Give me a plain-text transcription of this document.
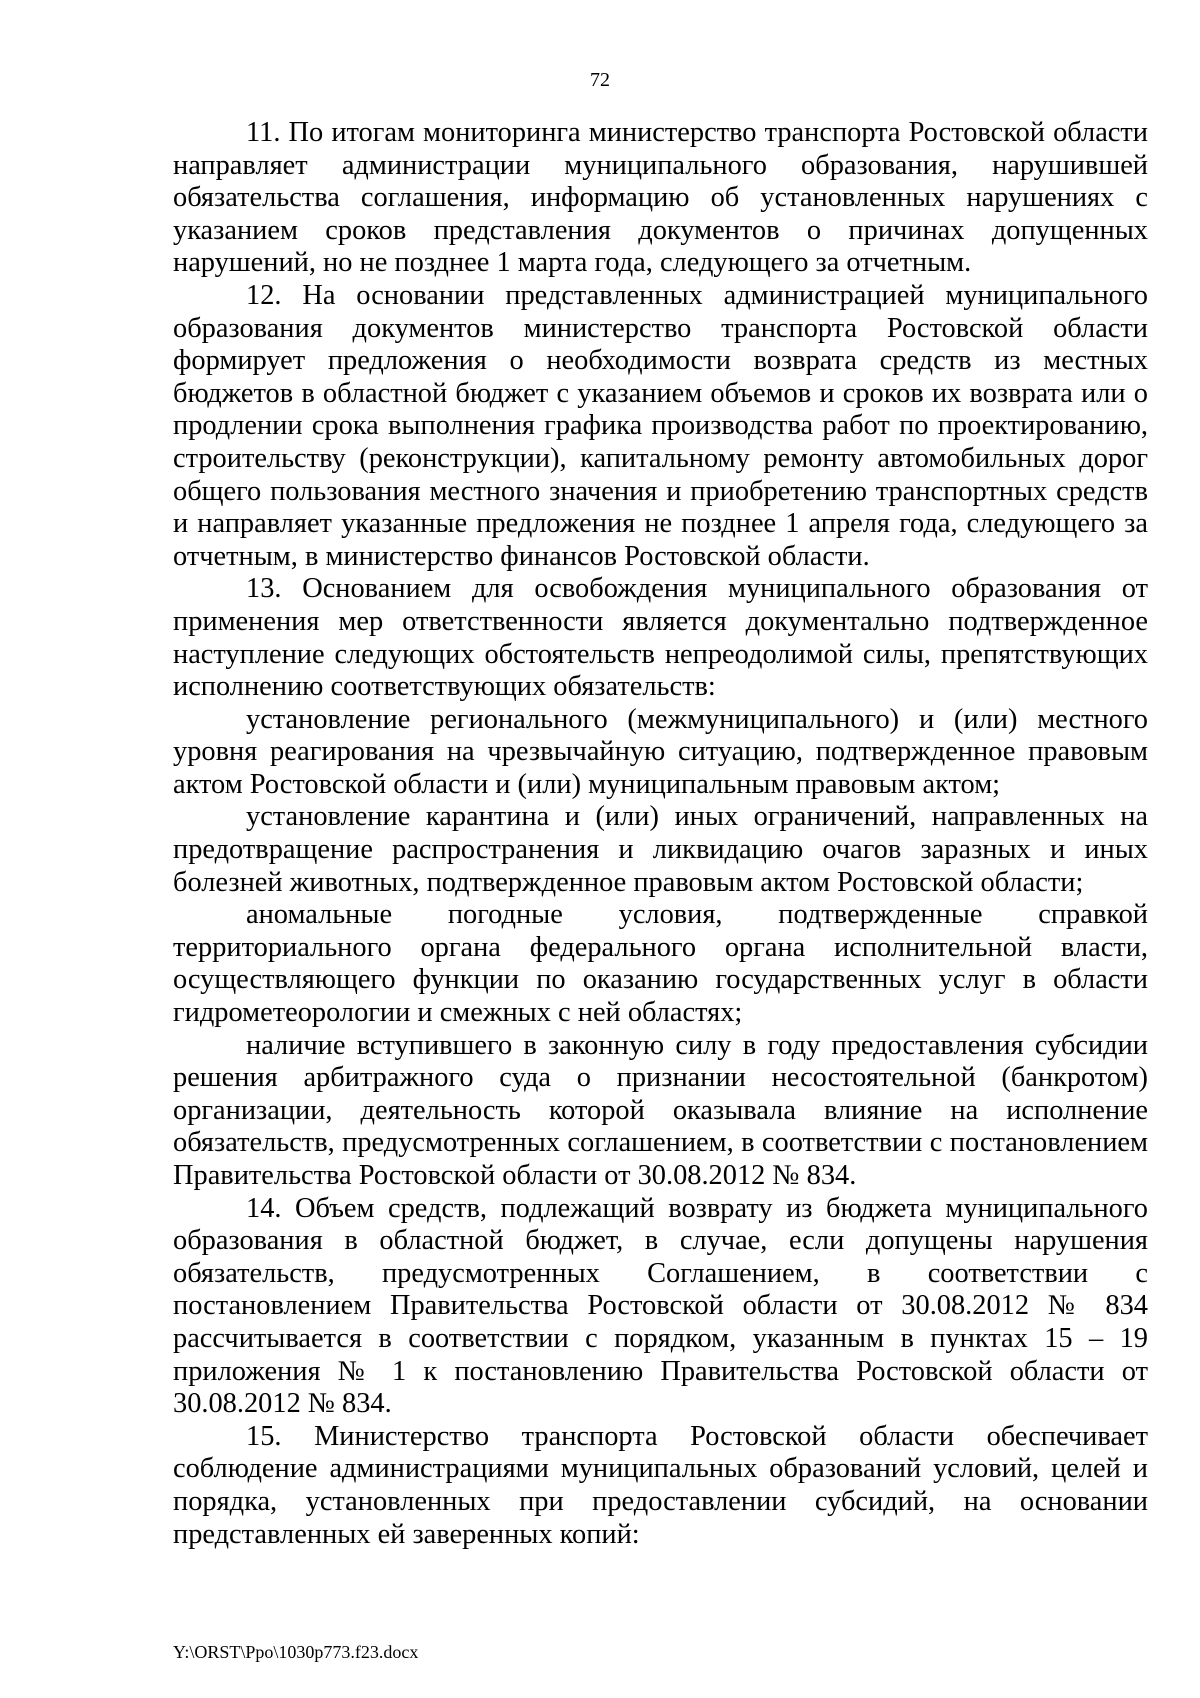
72

11. По итогам мониторинга министерство транспорта Ростовской области направляет администрации муниципального образования, нарушившей обязательства соглашения, информацию об установленных нарушениях с указанием сроков представления документов о причинах допущенных нарушений, но не позднее 1 марта года, следующего за отчетным.

12. На основании представленных администрацией муниципального образования документов министерство транспорта Ростовской области формирует предложения о необходимости возврата средств из местных бюджетов в областной бюджет с указанием объемов и сроков их возврата или о продлении срока выполнения графика производства работ по проектированию, строительству (реконструкции), капитальному ремонту автомобильных дорог общего пользования местного значения и приобретению транспортных средств и направляет указанные предложения не позднее 1 апреля года, следующего за отчетным, в министерство финансов Ростовской области.

13. Основанием для освобождения муниципального образования от применения мер ответственности является документально подтвержденное наступление следующих обстоятельств непреодолимой силы, препятствующих исполнению соответствующих обязательств:

установление регионального (межмуниципального) и (или) местного уровня реагирования на чрезвычайную ситуацию, подтвержденное правовым актом Ростовской области и (или) муниципальным правовым актом;

установление карантина и (или) иных ограничений, направленных на предотвращение распространения и ликвидацию очагов заразных и иных болезней животных, подтвержденное правовым актом Ростовской области;

аномальные погодные условия, подтвержденные справкой территориального органа федерального органа исполнительной власти, осуществляющего функции по оказанию государственных услуг в области гидрометеорологии и смежных с ней областях;

наличие вступившего в законную силу в году предоставления субсидии решения арбитражного суда о признании несостоятельной (банкротом) организации, деятельность которой оказывала влияние на исполнение обязательств, предусмотренных соглашением, в соответствии с постановлением Правительства Ростовской области от 30.08.2012 № 834.

14. Объем средств, подлежащий возврату из бюджета муниципального образования в областной бюджет, в случае, если допущены нарушения обязательств, предусмотренных Соглашением, в соответствии с постановлением Правительства Ростовской области от 30.08.2012 № 834 рассчитывается в соответствии с порядком, указанным в пунктах 15 – 19 приложения № 1 к постановлению Правительства Ростовской области от 30.08.2012 № 834.

15. Министерство транспорта Ростовской области обеспечивает соблюдение администрациями муниципальных образований условий, целей и порядка, установленных при предоставлении субсидий, на основании представленных ей заверенных копий:

Y:\ORST\Ppo\1030p773.f23.docx
